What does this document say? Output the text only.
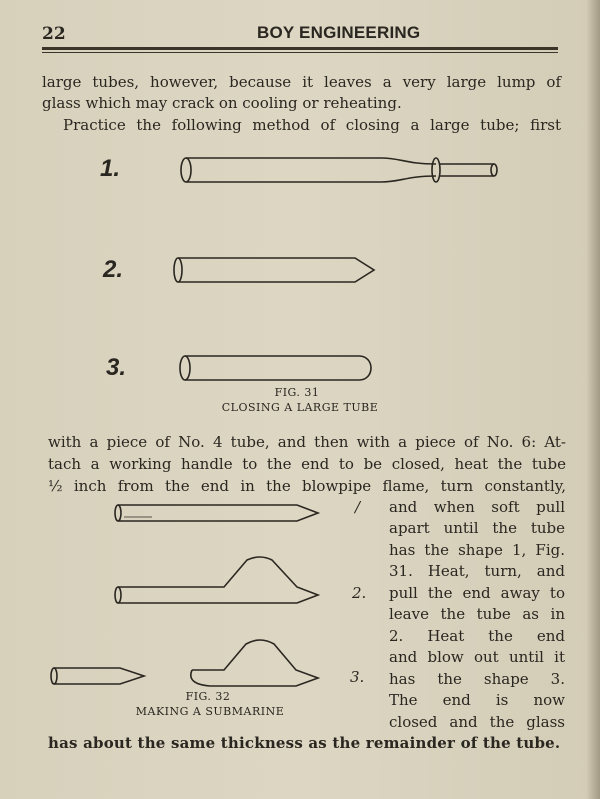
22	BOY ENGINEERING
large tubes, however, because it leaves a very large lump of
glass which may crack on cooling or reheating.
Practice the following method of closing a large tube; first
1.
2.
3.
FIG. 31
CLOSING A LARGE TUBE
with a piece of No. 4 tube, and then with a piece of No. 6: At-
tach a working handle to the end to be closed, heat the tube
½ inch from the end in the blowpipe flame, turn constantly,
and when soft pull
apart until the tube
has the shape 1, Fig.
31. Heat, turn, and
pull the end away to
leave the tube as in
2. Heat the end
and blow out until it
has the shape 3.
The end is now
closed and the glass
/
2.
3.
FIG. 32
MAKING A SUBMARINE
has about the same thickness as the remainder of the tube.
